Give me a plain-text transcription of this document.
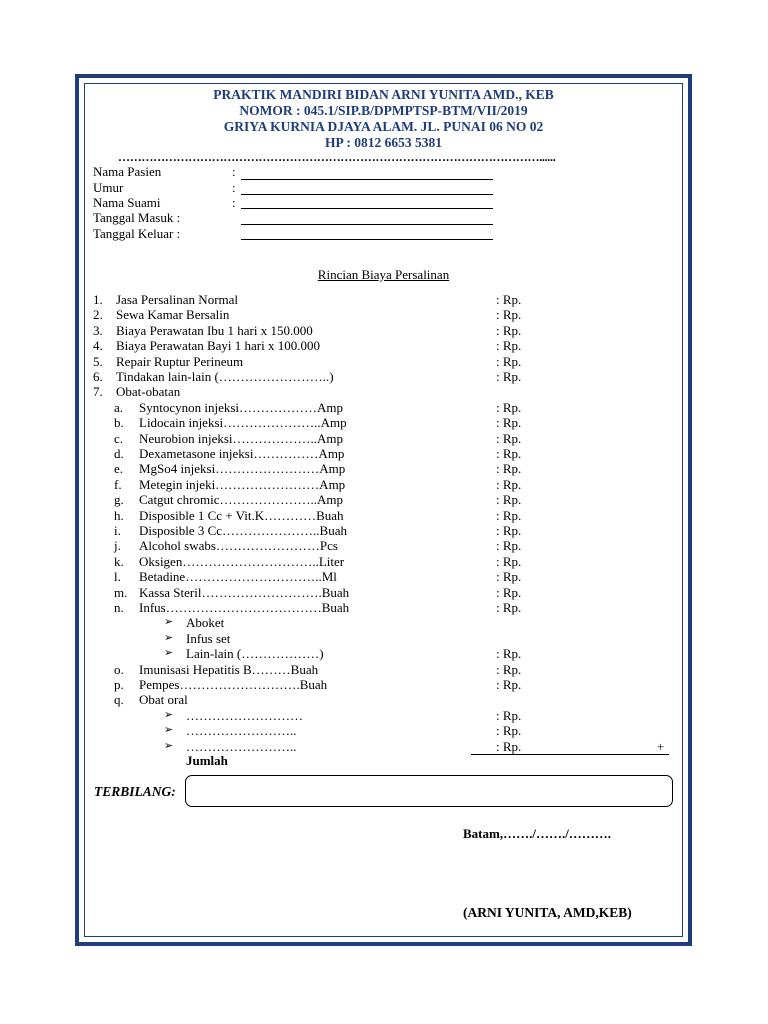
PRAKTIK MANDIRI BIDAN ARNI YUNITA AMD., KEB
NOMOR : 045.1/SIP.B/DPMPTSP-BTM/VII/2019
GRIYA KURNIA DJAYA ALAM. JL. PUNAI 06 NO 02
HP : 0812 6653 5381
………………………………………………………………………………………………......
Nama Pasien	:
Umur	:
Nama Suami	:
Tanggal Masuk :
Tanggal Keluar :
Rincian Biaya Persalinan
1. Jasa Persalinan Normal	: Rp.
2. Sewa Kamar Bersalin	: Rp.
3. Biaya Perawatan Ibu 1 hari x 150.000	: Rp.
4. Biaya Perawatan Bayi 1 hari x 100.000	: Rp.
5. Repair Ruptur Perineum	: Rp.
6. Tindakan lain-lain (……………………..)	: Rp.
7. Obat-obatan
a. Syntocynon injeksi………………Amp	: Rp.
b. Lidocain injeksi…………………..Amp	: Rp.
c. Neurobion injeksi………………..Amp	: Rp.
d. Dexametasone injeksi……………Amp	: Rp.
e. MgSo4 injeksi……………………Amp	: Rp.
f. Metegin injeki……………………Amp	: Rp.
g. Catgut chromic…………………..Amp	: Rp.
h. Disposible 1 Cc + Vit.K…………Buah	: Rp.
i. Disposible 3 Cc…………………..Buah	: Rp.
j. Alcohol swabs……………………Pcs	: Rp.
k. Oksigen…………………………..Liter	: Rp.
l. Betadine…………………………..Ml	: Rp.
m. Kassa Steril……………………….Buah	: Rp.
n. Infus………………………………Buah	: Rp.
➢ Aboket
➢ Infus set
➢ Lain-lain (………………)	: Rp.
o. Imunisasi Hepatitis B………Buah	: Rp.
p. Pempes……………………….Buah	: Rp.
q. Obat oral
➢ ………………………	: Rp.
➢ ……………………..	: Rp.
➢ ……………………..	: Rp.	+
Jumlah
TERBILANG:
Batam,……./……./……….
(ARNI YUNITA, AMD,KEB)
